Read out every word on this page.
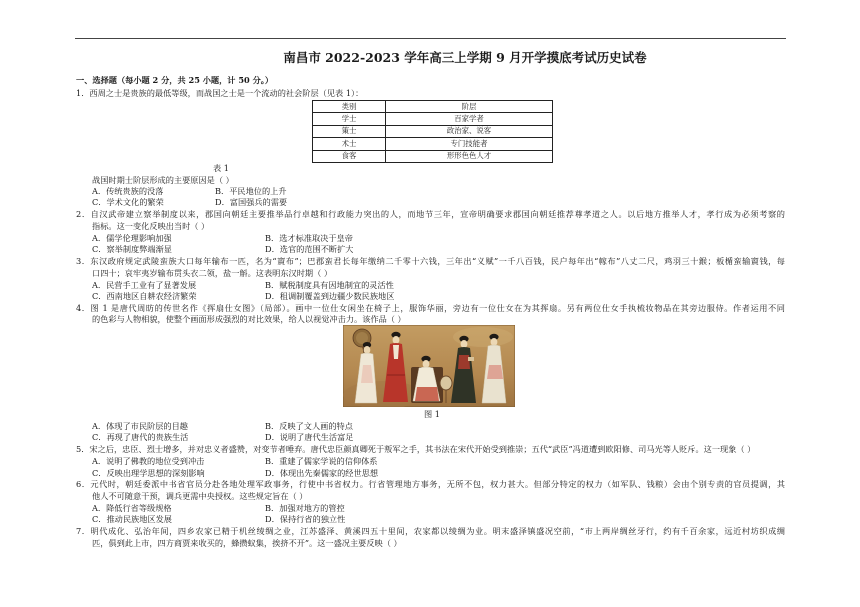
南昌市 2022-2023 学年高三上学期 9 月开学摸底考试历史试卷
一、选择题（每小题 2 分，共 25 小题，计 50 分。）
1．西周之士是贵族的最低等级，而战国之士是一个流动的社会阶层（见表 1）：
类别	阶层
学士	百家学者
策士	政治家、说客
术士	专门技能者
食客	形形色色人才
表 1
战国时期士阶层形成的主要原因是（ ）
A．传统贵族的没落	B．平民地位的上升
C．学术文化的繁荣	D．富国强兵的需要
2．自汉武帝建立察举制度以来，郡国向朝廷主要推举品行卓越和行政能力突出的人，而地节三年，宣帝明确要求郡国向朝廷推荐尊孝道之人。以后地方推举人才，孝行成为必须考察的
指标。这一变化反映出当时（ ）
A．儒学伦理影响加强	B．选才标准取决于皇帝
C．察举制度弊端渐显	D．选官的范围不断扩大
3．东汉政府规定武陵蛮族大口每年输布一匹，名为“賨布”；巴郡蛮君长每年缴纳二千零十六钱，三年出“义赋”一千八百钱，民户每年出“幏布”八丈二尺，鸡羽三十鍭；板楯蛮输賨钱，每
口四十；哀牢夷岁输布贯头衣二领，盐一斛。这表明东汉时期（ ）
A．民营手工业有了显著发展	B．赋税制度具有因地制宜的灵活性
C．西南地区自耕农经济繁荣	D．租调制覆盖到边疆少数民族地区
4．图 1 是唐代周昉的传世名作《挥扇仕女图》（局部）。画中一位仕女闲坐在椅子上，服饰华丽，旁边有一位仕女在为其挥扇。另有两位仕女手执梳妆物品在其旁边服侍。作者运用不同
的色彩与人物相貌，使整个画面形成强烈的对比效果，给人以视觉冲击力。该作品（ ）
图 1
A．体现了市民阶层的目趣	B．反映了文人画的特点
C．再现了唐代的贵族生活	D．说明了唐代生活富足
5．宋之后，忠臣、烈士增多，并对忠义者盛赞，对变节者唾弃。唐代忠臣颜真卿死于叛军之手，其书法在宋代开始受到推崇；五代“武臣”冯道遭到欧阳修、司马光等人贬斥。这一现象（ ）
A．说明了佛教的地位受到冲击	B．重建了儒家学说的信仰体系
C．反映出理学思想的深刻影响	D．体现出先秦儒家的经世思想
6．元代时，朝廷委派中书省官员分赴各地处理军政事务，行使中书省权力。行省管理地方事务，无所不包，权力甚大。但部分特定的权力（如军队、钱粮）会由个别专责的官员提调，其
他人不可随意干预，调兵更需中央授权。这些规定旨在（ ）
A．降低行省等级规格	B．加强对地方的管控
C．推动民族地区发展	D．保持行省的独立性
7．明代成化、弘治年间，四乡农家已精于机丝绫绸之业，江苏盛泽、黄溪四五十里间，农家都以绫绸为业。明末盛泽镇盛况空前，“市上两岸绸丝牙行，约有千百余家，远近村坊织成绸
匹，俱到此上市，四方商贾来收买的，蜂攒蚁集，挨挤不开”。这一盛况主要反映（ ）
